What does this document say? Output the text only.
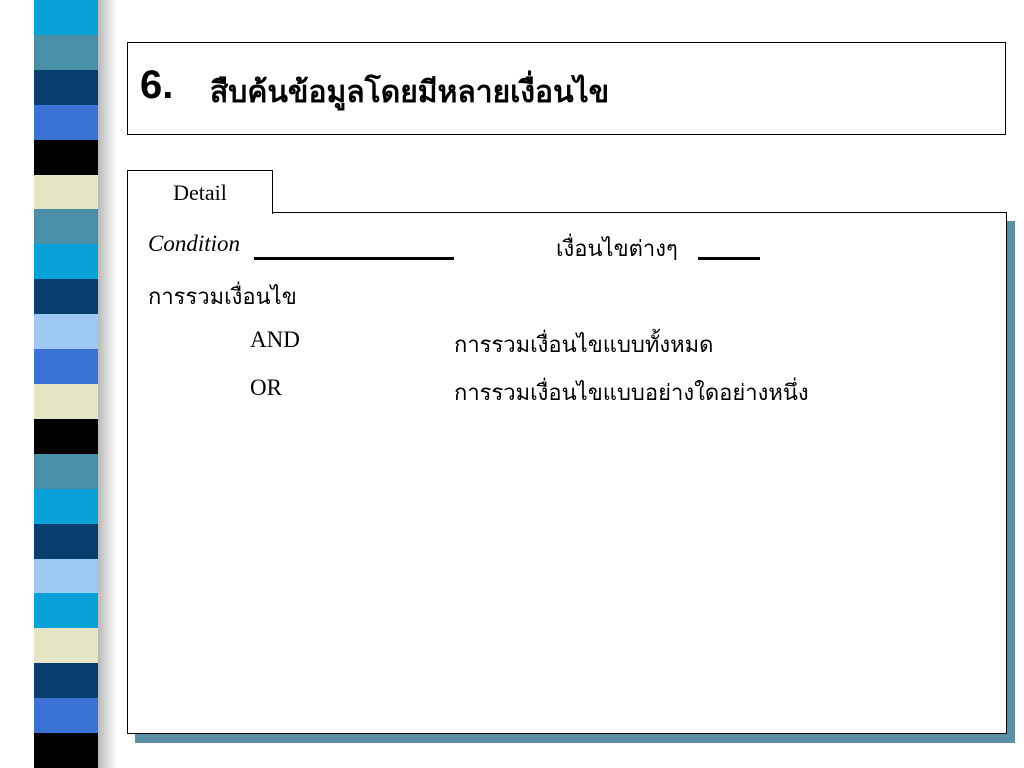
6. สืบค้นข้อมูลโดยมีหลายเงื่อนไข
Detail
Condition	เงื่อนไขต่างๆ
การรวมเงื่อนไข
AND	การรวมเงื่อนไขแบบทั้งหมด
OR	การรวมเงื่อนไขแบบอย่างใดอย่างหนึ่ง
